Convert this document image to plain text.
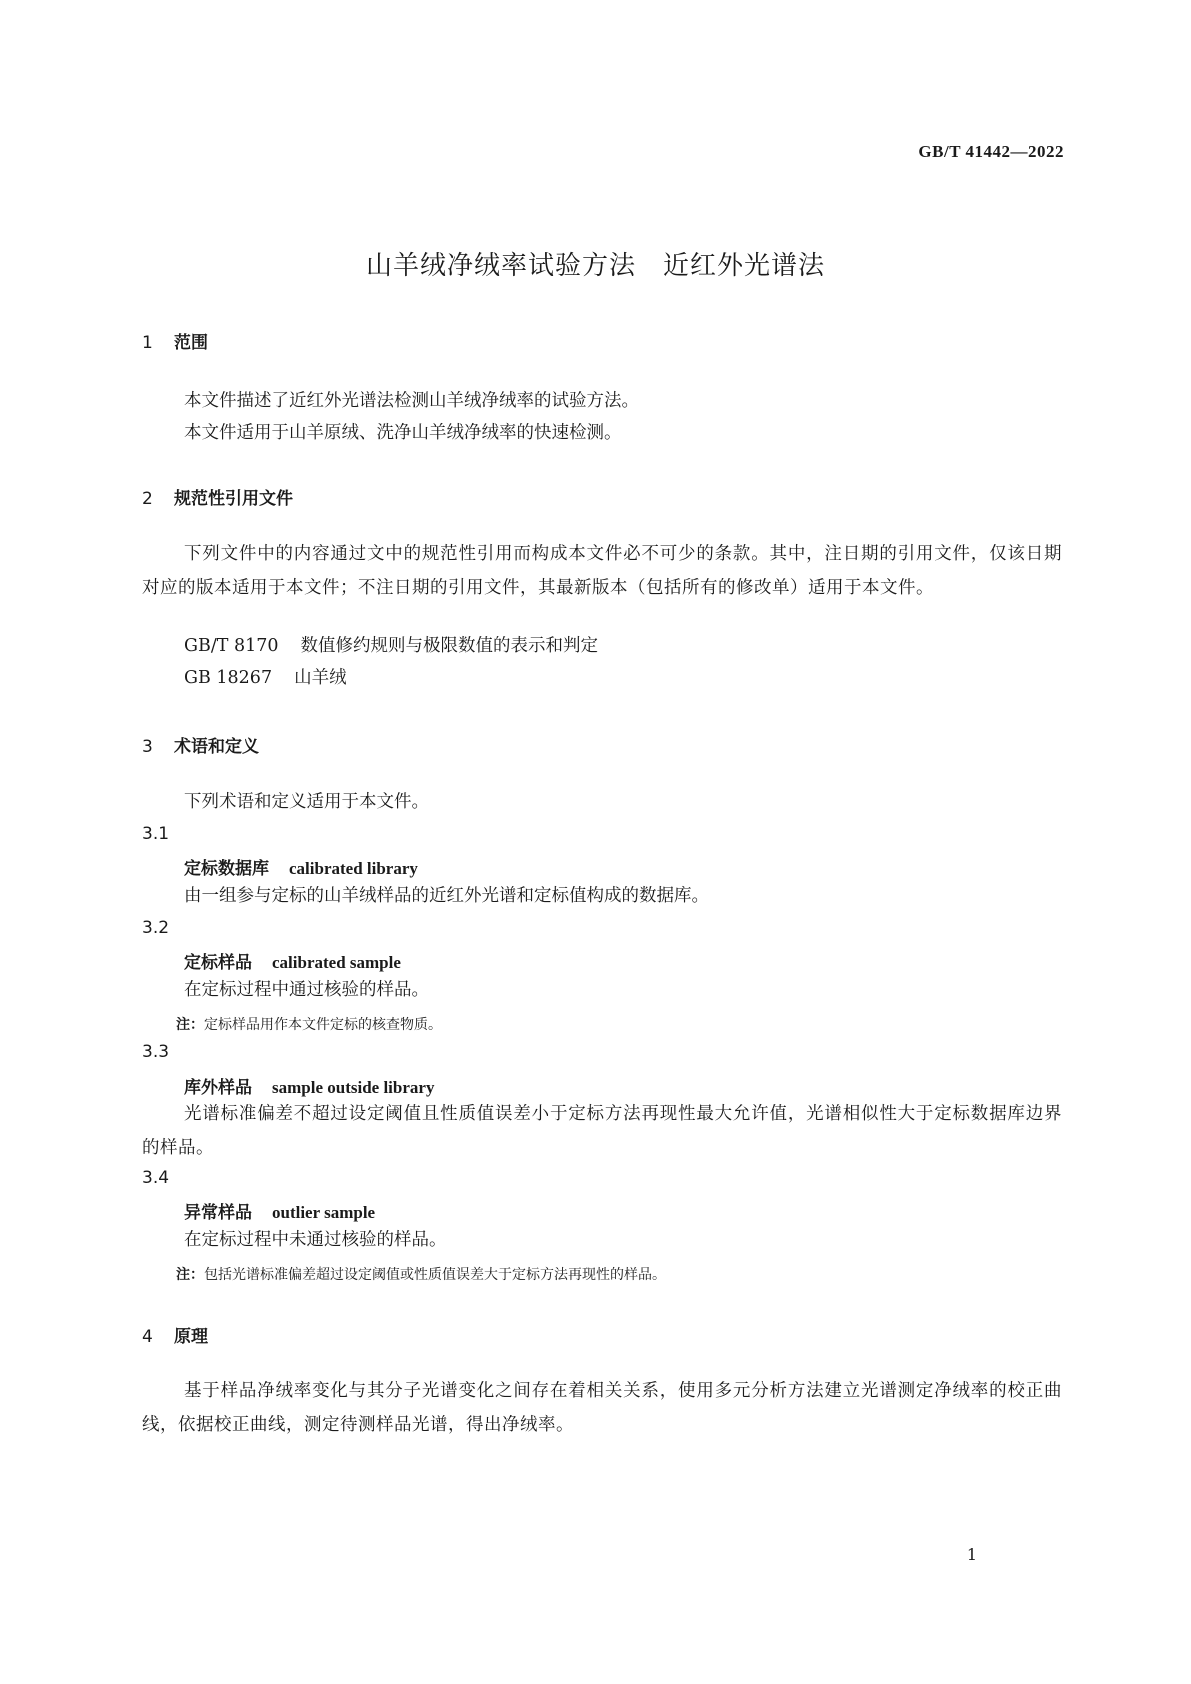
GB/T 41442—2022
山羊绒净绒率试验方法　近红外光谱法
1 范围
本文件描述了近红外光谱法检测山羊绒净绒率的试验方法。
本文件适用于山羊原绒、洗净山羊绒净绒率的快速检测。
2 规范性引用文件
下列文件中的内容通过文中的规范性引用而构成本文件必不可少的条款。其中，注日期的引用文件，仅该日期对应的版本适用于本文件；不注日期的引用文件，其最新版本（包括所有的修改单）适用于本文件。
GB/T 8170 数值修约规则与极限数值的表示和判定
GB 18267 山羊绒
3 术语和定义
下列术语和定义适用于本文件。
3.1
定标数据库 calibrated library
由一组参与定标的山羊绒样品的近红外光谱和定标值构成的数据库。
3.2
定标样品 calibrated sample
在定标过程中通过核验的样品。
注：定标样品用作本文件定标的核查物质。
3.3
库外样品 sample outside library
光谱标准偏差不超过设定阈值且性质值误差小于定标方法再现性最大允许值，光谱相似性大于定标数据库边界的样品。
3.4
异常样品 outlier sample
在定标过程中未通过核验的样品。
注：包括光谱标准偏差超过设定阈值或性质值误差大于定标方法再现性的样品。
4 原理
基于样品净绒率变化与其分子光谱变化之间存在着相关关系，使用多元分析方法建立光谱测定净绒率的校正曲线，依据校正曲线，测定待测样品光谱，得出净绒率。
1
